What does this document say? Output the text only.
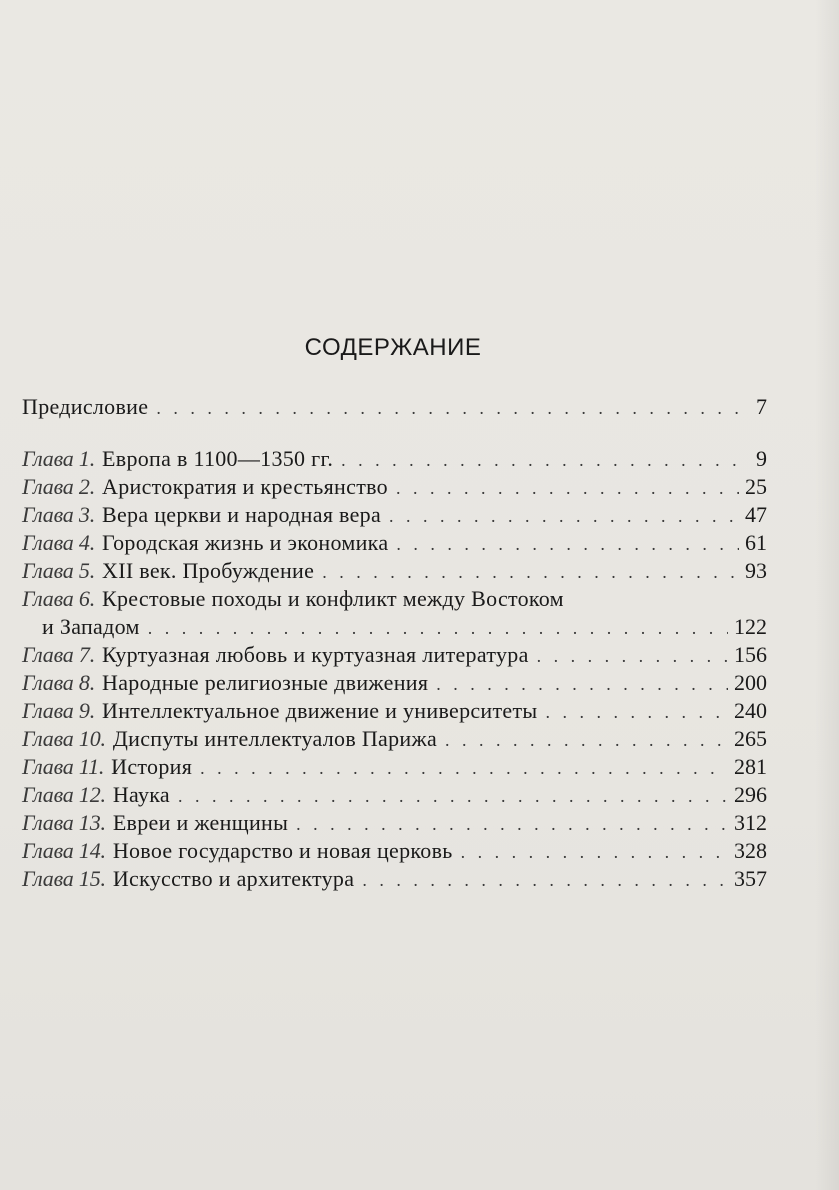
СОДЕРЖАНИЕ
Предисловие . . .	7
Глава 1. Европа в 1100—1350 гг. . . .	9
Глава 2. Аристократия и крестьянство . . .	25
Глава 3. Вера церкви и народная вера . . .	47
Глава 4. Городская жизнь и экономика . . .	61
Глава 5. XII век. Пробуждение . . .	93
Глава 6. Крестовые походы и конфликт между Востоком
и Западом . . .	122
Глава 7. Куртуазная любовь и куртуазная литература . . .	156
Глава 8. Народные религиозные движения . . .	200
Глава 9. Интеллектуальное движение и университеты . . .	240
Глава 10. Диспуты интеллектуалов Парижа . . .	265
Глава 11. История . . .	281
Глава 12. Наука . . .	296
Глава 13. Евреи и женщины . . .	312
Глава 14. Новое государство и новая церковь . . .	328
Глава 15. Искусство и архитектура . . .	357
